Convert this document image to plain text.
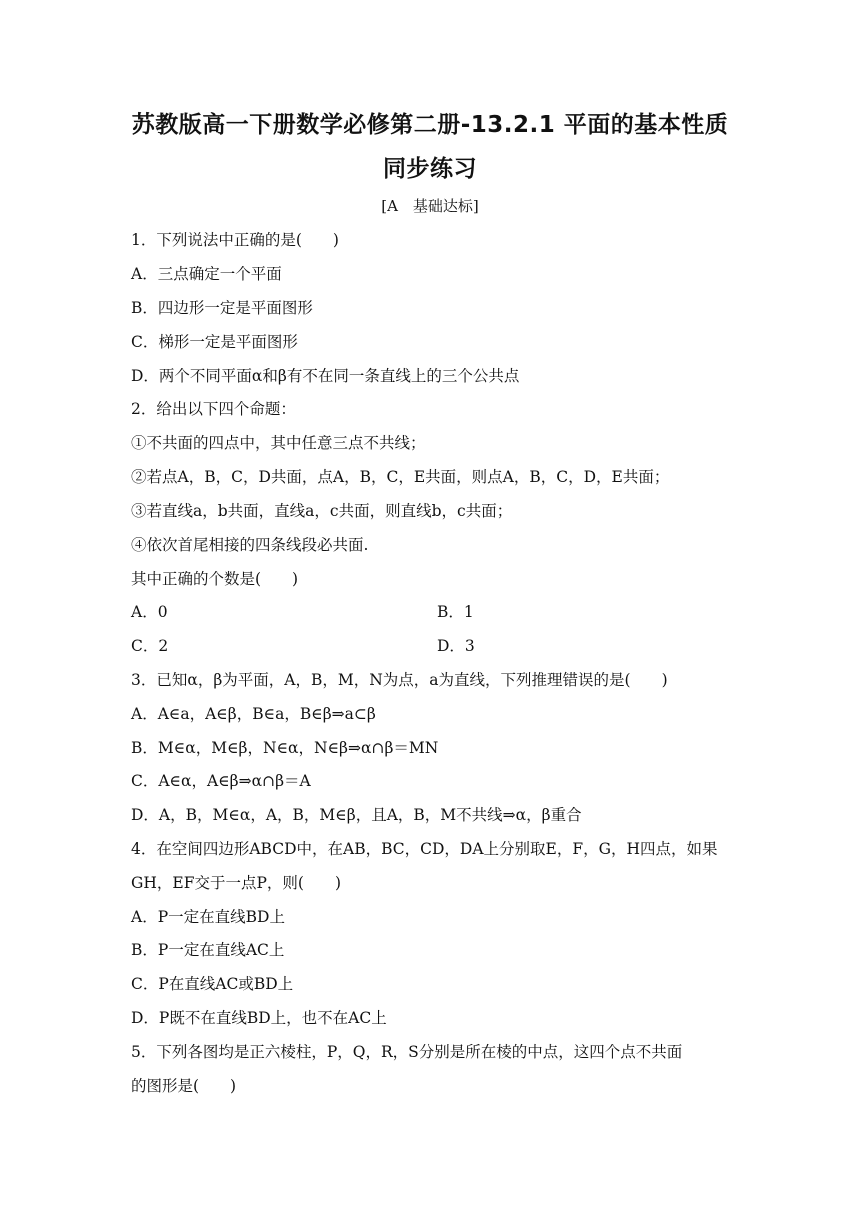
苏教版高一下册数学必修第二册-13.2.1 平面的基本性质
同步练习
[A　基础达标]
1．下列说法中正确的是(　　)
A．三点确定一个平面
B．四边形一定是平面图形
C．梯形一定是平面图形
D．两个不同平面α和β有不在同一条直线上的三个公共点
2．给出以下四个命题：
①不共面的四点中，其中任意三点不共线；
②若点A，B，C，D共面，点A，B，C，E共面，则点A，B，C，D，E共面；
③若直线a，b共面，直线a，c共面，则直线b，c共面；
④依次首尾相接的四条线段必共面.
其中正确的个数是(　　)
A．0	B．1
C．2	D．3
3．已知α，β为平面，A，B，M，N为点，a为直线，下列推理错误的是(　　)
A．A∈a，A∈β，B∈a，B∈β⇒a⊂β
B．M∈α，M∈β，N∈α，N∈β⇒α∩β＝MN
C．A∈α，A∈β⇒α∩β＝A
D．A，B，M∈α，A，B，M∈β，且A，B，M不共线⇒α，β重合
4．在空间四边形ABCD中，在AB，BC，CD，DA上分别取E，F，G，H四点，如果
GH，EF交于一点P，则(　　)
A．P一定在直线BD上
B．P一定在直线AC上
C．P在直线AC或BD上
D．P既不在直线BD上，也不在AC上
5．下列各图均是正六棱柱，P，Q，R，S分别是所在棱的中点，这四个点不共面
的图形是(　　)
